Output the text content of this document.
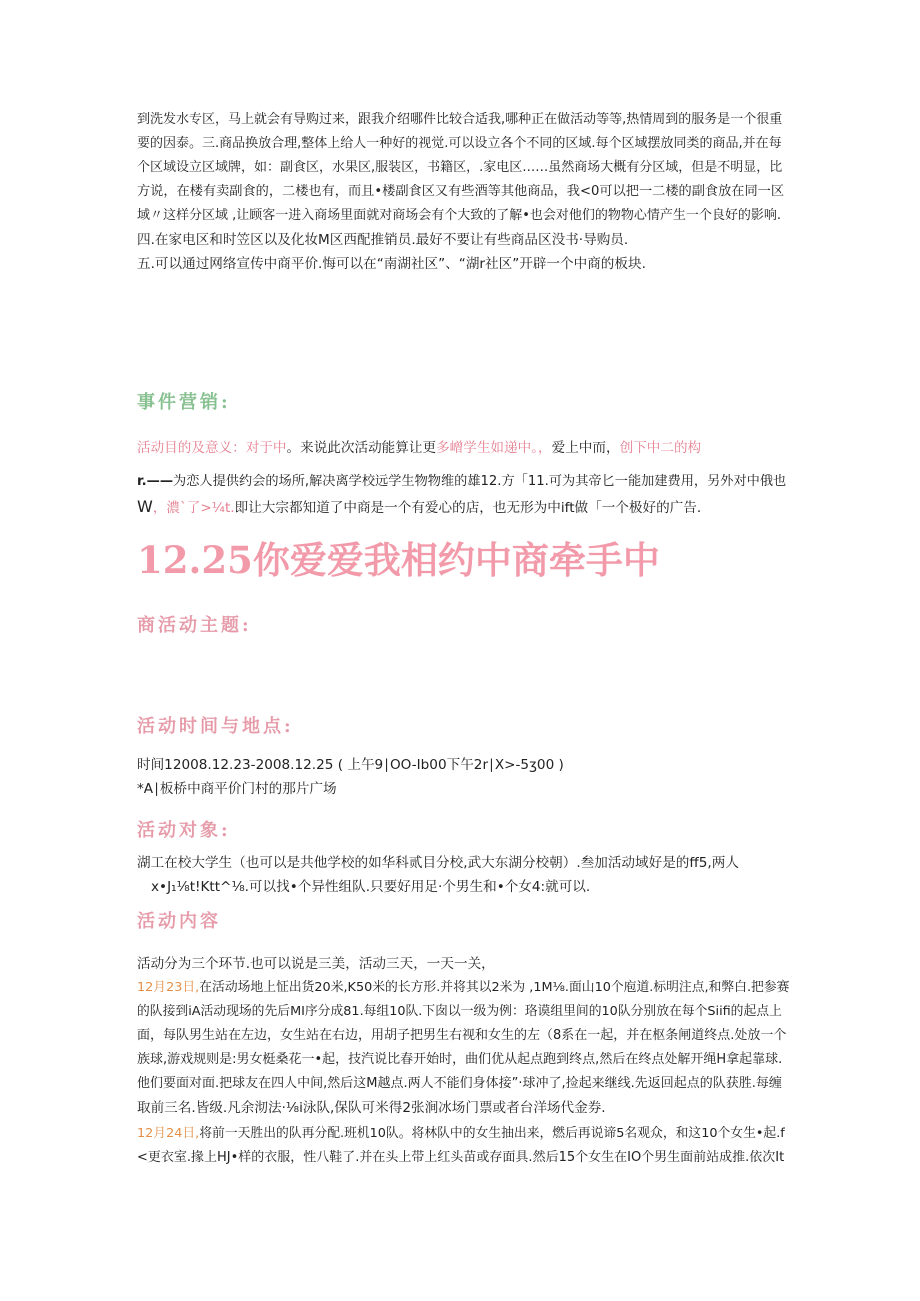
到洗发水专区，马上就会有导购过来，跟我介绍哪件比较合适我,哪种正在做活动等等,热情周到的服务是一个很重

要的因泰。三.商品换放合理,整体上给人一种好的视觉.可以设立各个不同的区域.每个区域摆放同类的商品,并在每

个区域设立区域牌，如：副食区，水果区,服装区，书籍区，.家电区……虽然商场大概有分区域，但是不明显，比

方说，在楼有卖副食的，二楼也有，而且•楼副食区又有些酒等其他商品，我<0可以把一二楼的副食放在同一区

域〃这样分区域 ,让顾客一进入商场里面就对商场会有个大致的了解•也会对他们的物物心情产生一个良好的影响.

四.在家电区和时笠区以及化妆M区西配推销员.最好不要让有些商品区没书·导购员.

五.可以通过网络宣传中商平价.悔可以在“南湖社区”、“湖r社区”开辟一个中商的板块.

事件营销:

活动目的及意义：对于中。来说此次活动能算让更多嶒学生如递中。，爱上中而，创下中二的构

r.——为恋人提供约会的场所,解决离学校远学生物物维的雄12.方「11.可为其帝匕一能加建费用，另外对中俄也

W，濃`了>¼t.即让大宗都知道了中商是一个有爱心的店，也无形为中ift做「一个极好的广告.

12.25你爱爱我相约中商牵手中
商活动主题:
活动时间与地点:

时间12008.12.23-2008.12.25 ( 上午9∣OO-Ib00下午2r∣X>-5ʒ00 )

*A∣板桥中商平价门村的那片广场

活动对象:

湖工在校大学生（也可以是共他学校的如华科贰目分校,武大东湖分校朝）.叁加活动域好是的ff5,两人

x•J₁⅛t!Ktt^⅛.可以找•个异性组队.只要好用足·个男生和•个女4:就可以.

活动内容

活动分为三个环节.也可以说是三美，活动三天，一天一关，

12月23日,在活动场地上怔出货20米,K50米的长方形.并将其以2米为 ,1M⅛.面山10个庖道.标明注点,和弊白.把参赛

的队接到iA活动现场的先后MI序分成81.每组10队.下囱以一级为例：珞谟组里间的10队分别放在每个Siifi的起点上

面，每队男生站在左边，女生站在右边，用胡子把男生右视和女生的左（8系在一起，并在枢条闸道终点.处放一个

族球,游戏规则是:男女梃桑花一•起，技汽说比春开始时，曲们优从起点跑到终点,然后在终点处解开绳H拿起靠球.

他们要面对面.把球友在四人中间,然后这M越点.两人不能们身体接”·球冲了,捡起来继线.先返回起点的队获胜.每缠

取前三名.皆级.凡余沏法·⅛i泳队,保队可米得2张涧冰场门票或者台洋场代金券.

12月24日,将前一天胜出的队再分配.班机10队。将林队中的女生抽出来，燃后再说谛5名观众，和这10个女生•起.f

<更衣室.掾上HJ•样的衣服，性八鞋了.并在头上带上红头苗或存面具.然后15个女生在IO个男生面前站成推.依次It
